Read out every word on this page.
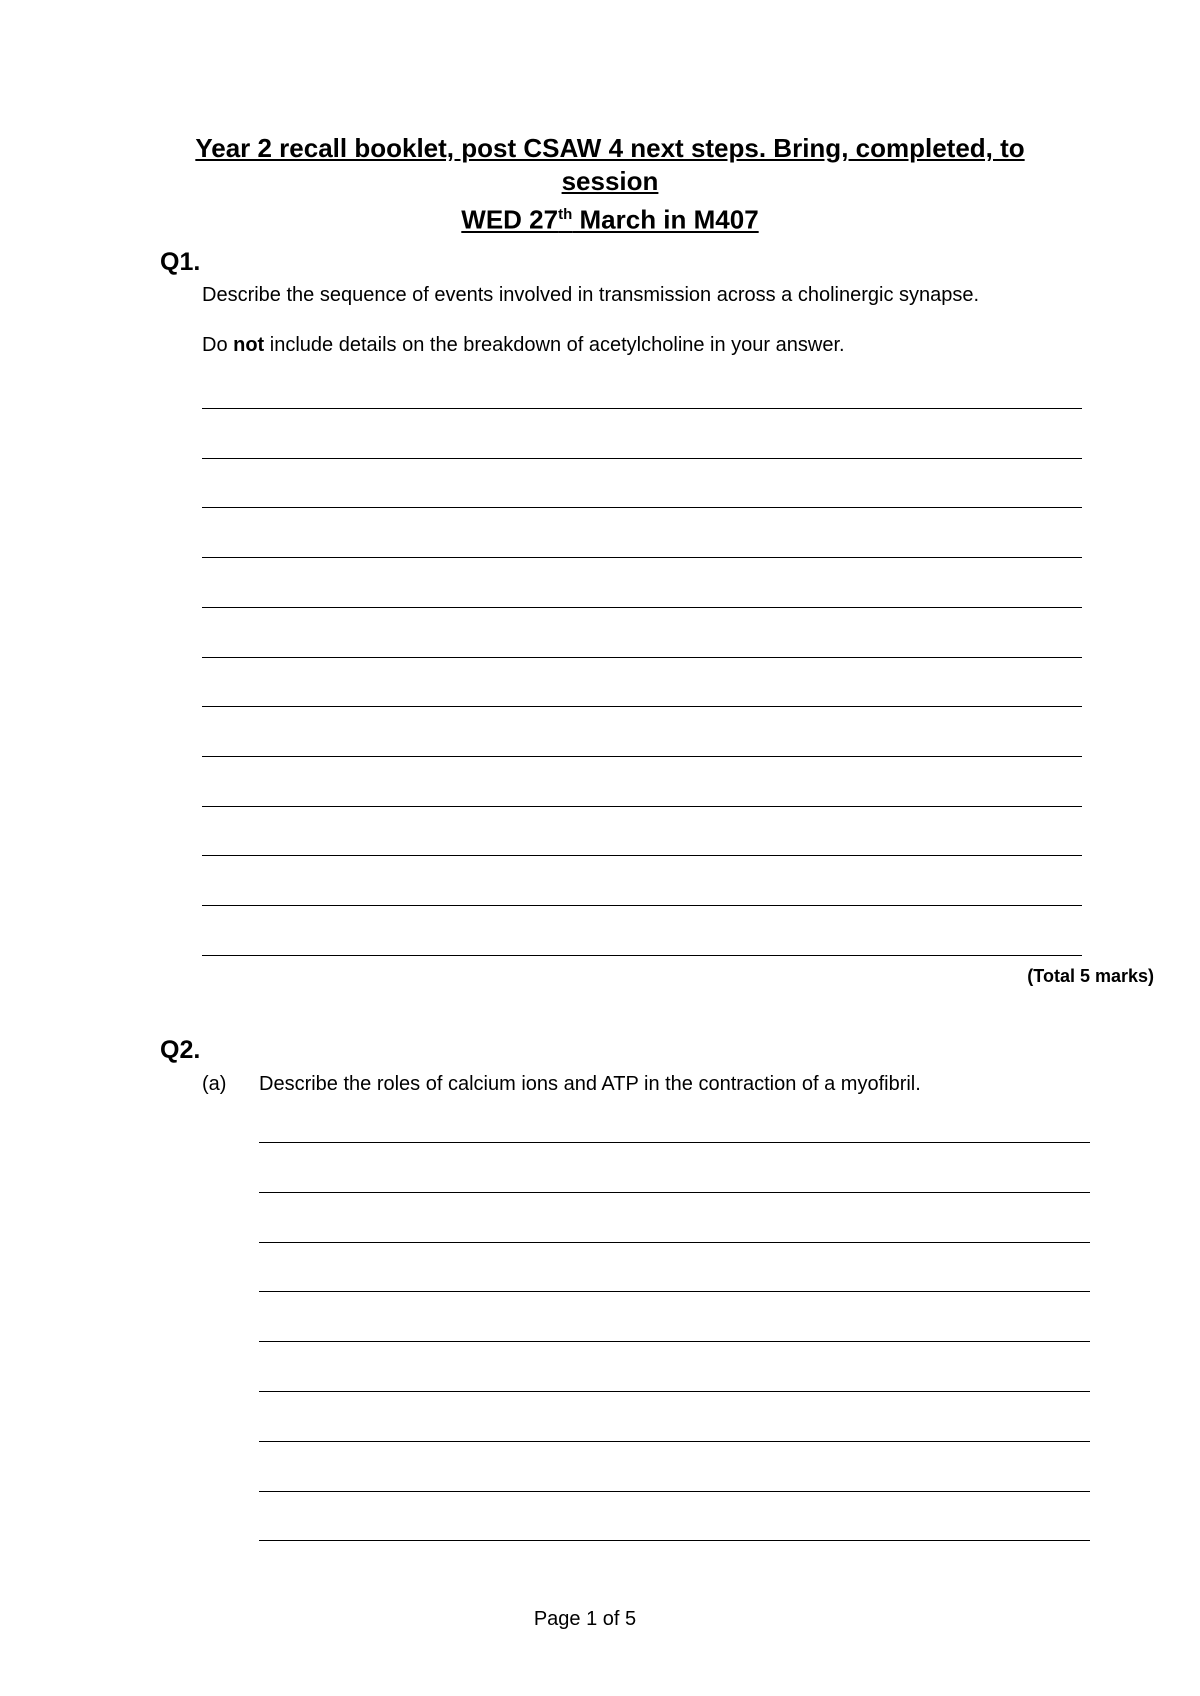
Year 2 recall booklet, post CSAW 4 next steps. Bring, completed, to session
WED 27th March in M407
Q1.
Describe the sequence of events involved in transmission across a cholinergic synapse.
Do not include details on the breakdown of acetylcholine in your answer.
(Total 5 marks)
Q2.
(a) Describe the roles of calcium ions and ATP in the contraction of a myofibril.
Page 1 of 5
